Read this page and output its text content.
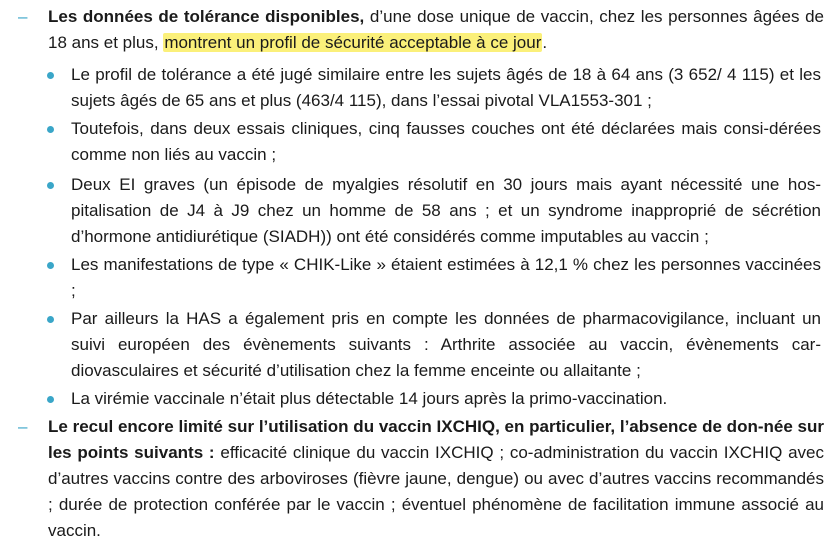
– Les données de tolérance disponibles, d’une dose unique de vaccin, chez les personnes âgées de 18 ans et plus, montrent un profil de sécurité acceptable à ce jour.
Le profil de tolérance a été jugé similaire entre les sujets âgés de 18 à 64 ans (3 652/ 4 115) et les sujets âgés de 65 ans et plus (463/4 115), dans l’essai pivotal VLA1553-301 ;
Toutefois, dans deux essais cliniques, cinq fausses couches ont été déclarées mais consi-dérées comme non liés au vaccin ;
Deux EI graves (un épisode de myalgies résolutif en 30 jours mais ayant nécessité une hos-pitalisation de J4 à J9 chez un homme de 58 ans ; et un syndrome inapproprié de sécrétion d’hormone antidiurétique (SIADH)) ont été considérés comme imputables au vaccin ;
Les manifestations de type « CHIK-Like » étaient estimées à 12,1 % chez les personnes vaccinées ;
Par ailleurs la HAS a également pris en compte les données de pharmacovigilance, incluant un suivi européen des évènements suivants : Arthrite associée au vaccin, évènements car-diovasculaires et sécurité d’utilisation chez la femme enceinte ou allaitante ;
La virémie vaccinale n’était plus détectable 14 jours après la primo-vaccination.
– Le recul encore limité sur l’utilisation du vaccin IXCHIQ, en particulier, l’absence de don-née sur les points suivants : efficacité clinique du vaccin IXCHIQ ; co-administration du vaccin IXCHIQ avec d’autres vaccins contre des arboviroses (fièvre jaune, dengue) ou avec d’autres vaccins recommandés ; durée de protection conférée par le vaccin ; éventuel phénomène de facilitation immune associé au vaccin.
